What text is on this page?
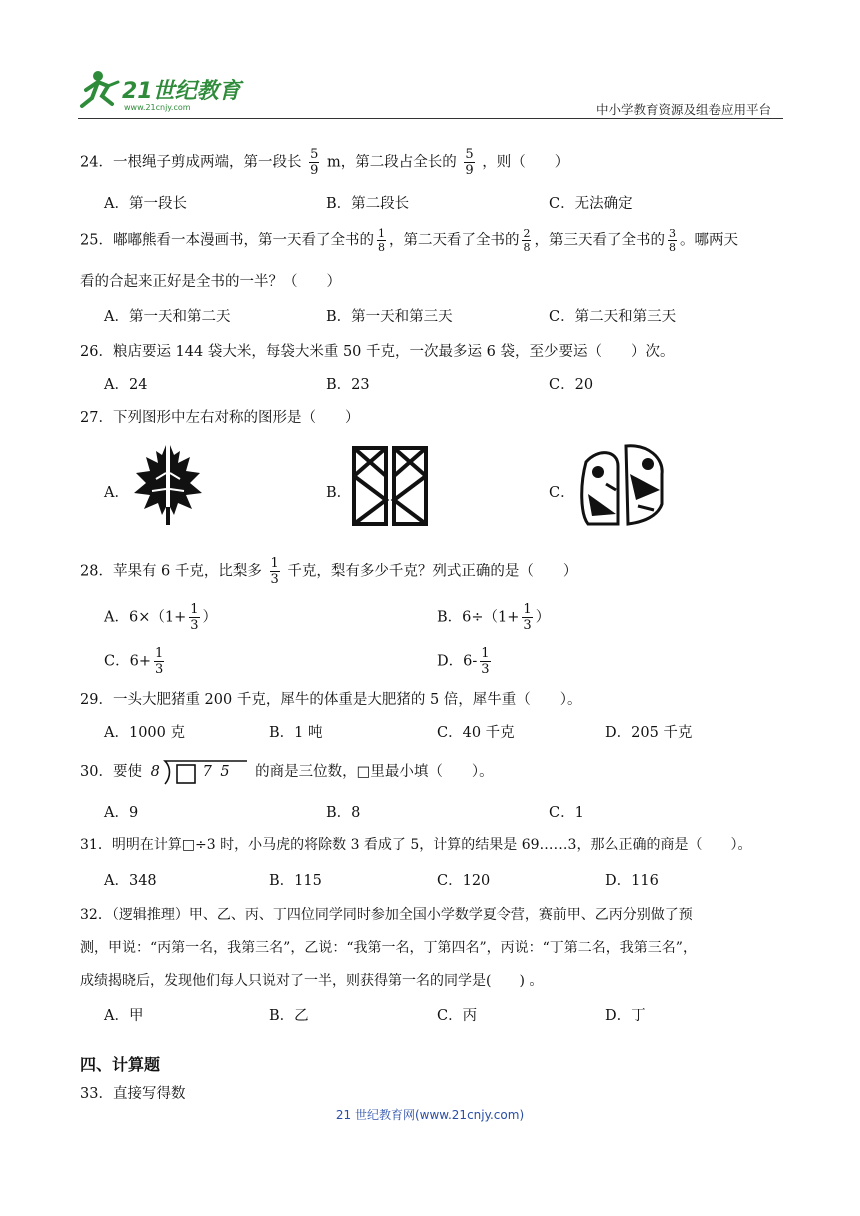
21世纪教育
www.21cnjy.com	中小学教育资源及组卷应用平台
24．一根绳子剪成两端，第一段长 $\frac{5}{9}$ m，第二段占全长的 $\frac{5}{9}$ ，则（　　）
A．第一段长	B．第二段长	C．无法确定
25．嘟嘟熊看一本漫画书，第一天看了全书的 $\frac{1}{8}$ ，第二天看了全书的 $\frac{2}{8}$ ，第三天看了全书的 $\frac{3}{8}$ 。哪两天
看的合起来正好是全书的一半？（　　）
A．第一天和第二天	B．第一天和第三天	C．第二天和第三天
26．粮店要运 144 袋大米，每袋大米重 50 千克，一次最多运 6 袋，至少要运（　　）次。
A．24	B．23	C．20
27．下列图形中左右对称的图形是（　　）
A．	B．	C．
28．苹果有 6 千克，比梨多 $\frac{1}{3}$ 千克，梨有多少千克？列式正确的是（　　）
A．$6\times(1+ \frac{1}{3}$ ）	B．$6\div(1+ \frac{1}{3}$ ）
C．$6+ \frac{1}{3}$	D．$6- \frac{1}{3}$
29．一头大肥猪重 200 千克，犀牛的体重是大肥猪的 5 倍，犀牛重（　　）。
A．1000 克	B．1 吨	C．40 千克	D．205 千克
30．要使 8	7 5 的商是三位数，□里最小填（　　）。
A．9	B．8	C．1
31．明明在计算□÷3 时，小马虎的将除数 3 看成了 5，计算的结果是 69……3，那么正确的商是（　　）。
A．348	B．115	C．120	D．116
32．（逻辑推理）甲、乙、丙、丁四位同学同时参加全国小学数学夏令营，赛前甲、乙丙分别做了预
测，甲说：“丙第一名，我第三名”，乙说：“我第一名，丁第四名”，丙说：“丁第二名，我第三名”，
成绩揭晓后，发现他们每人只说对了一半，则获得第一名的同学是(　　) 。
A．甲	B．乙	C．丙	D．丁
四、计算题
33．直接写得数
21 世纪教育网(www.21cnjy.com)
